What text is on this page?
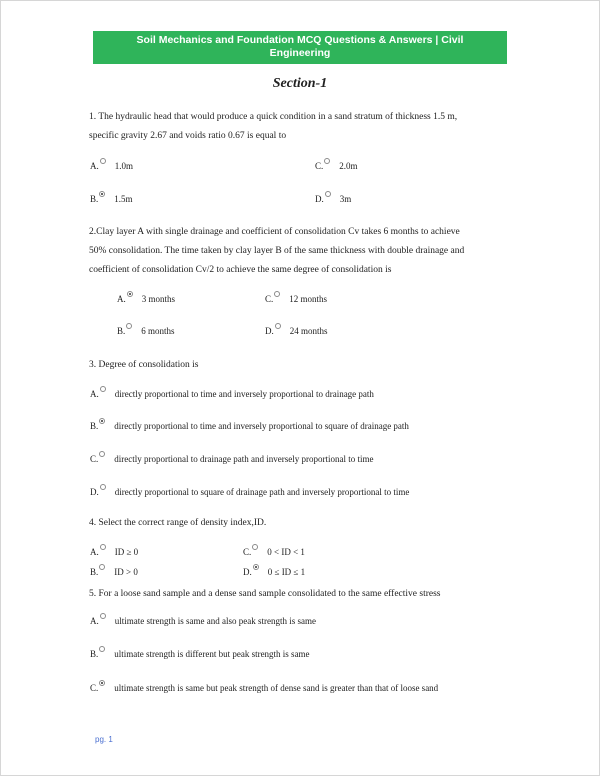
Soil Mechanics and Foundation MCQ Questions & Answers | Civil
Engineering
Section-1
1. The hydraulic head that would produce a quick condition in a sand stratum of thickness 1.5 m,
specific gravity 2.67 and voids ratio 0.67 is equal to
A. 1.0m	C. 2.0m
B. 1.5m	D. 3m
2.Clay layer A with single drainage and coefficient of consolidation Cv takes 6 months to achieve
50% consolidation. The time taken by clay layer B of the same thickness with double drainage and
coefficient of consolidation Cv/2 to achieve the same degree of consolidation is
A. 3 months	C. 12 months
B. 6 months	D. 24 months
3. Degree of consolidation is
A. directly proportional to time and inversely proportional to drainage path
B. directly proportional to time and inversely proportional to square of drainage path
C. directly proportional to drainage path and inversely proportional to time
D. directly proportional to square of drainage path and inversely proportional to time
4. Select the correct range of density index,ID.
A. ID ≥ 0	C. 0 < ID < 1
B. ID > 0	D. 0 ≤ ID ≤ 1
5. For a loose sand sample and a dense sand sample consolidated to the same effective stress
A. ultimate strength is same and also peak strength is same
B. ultimate strength is different but peak strength is same
C. ultimate strength is same but peak strength of dense sand is greater than that of loose sand
pg. 1
